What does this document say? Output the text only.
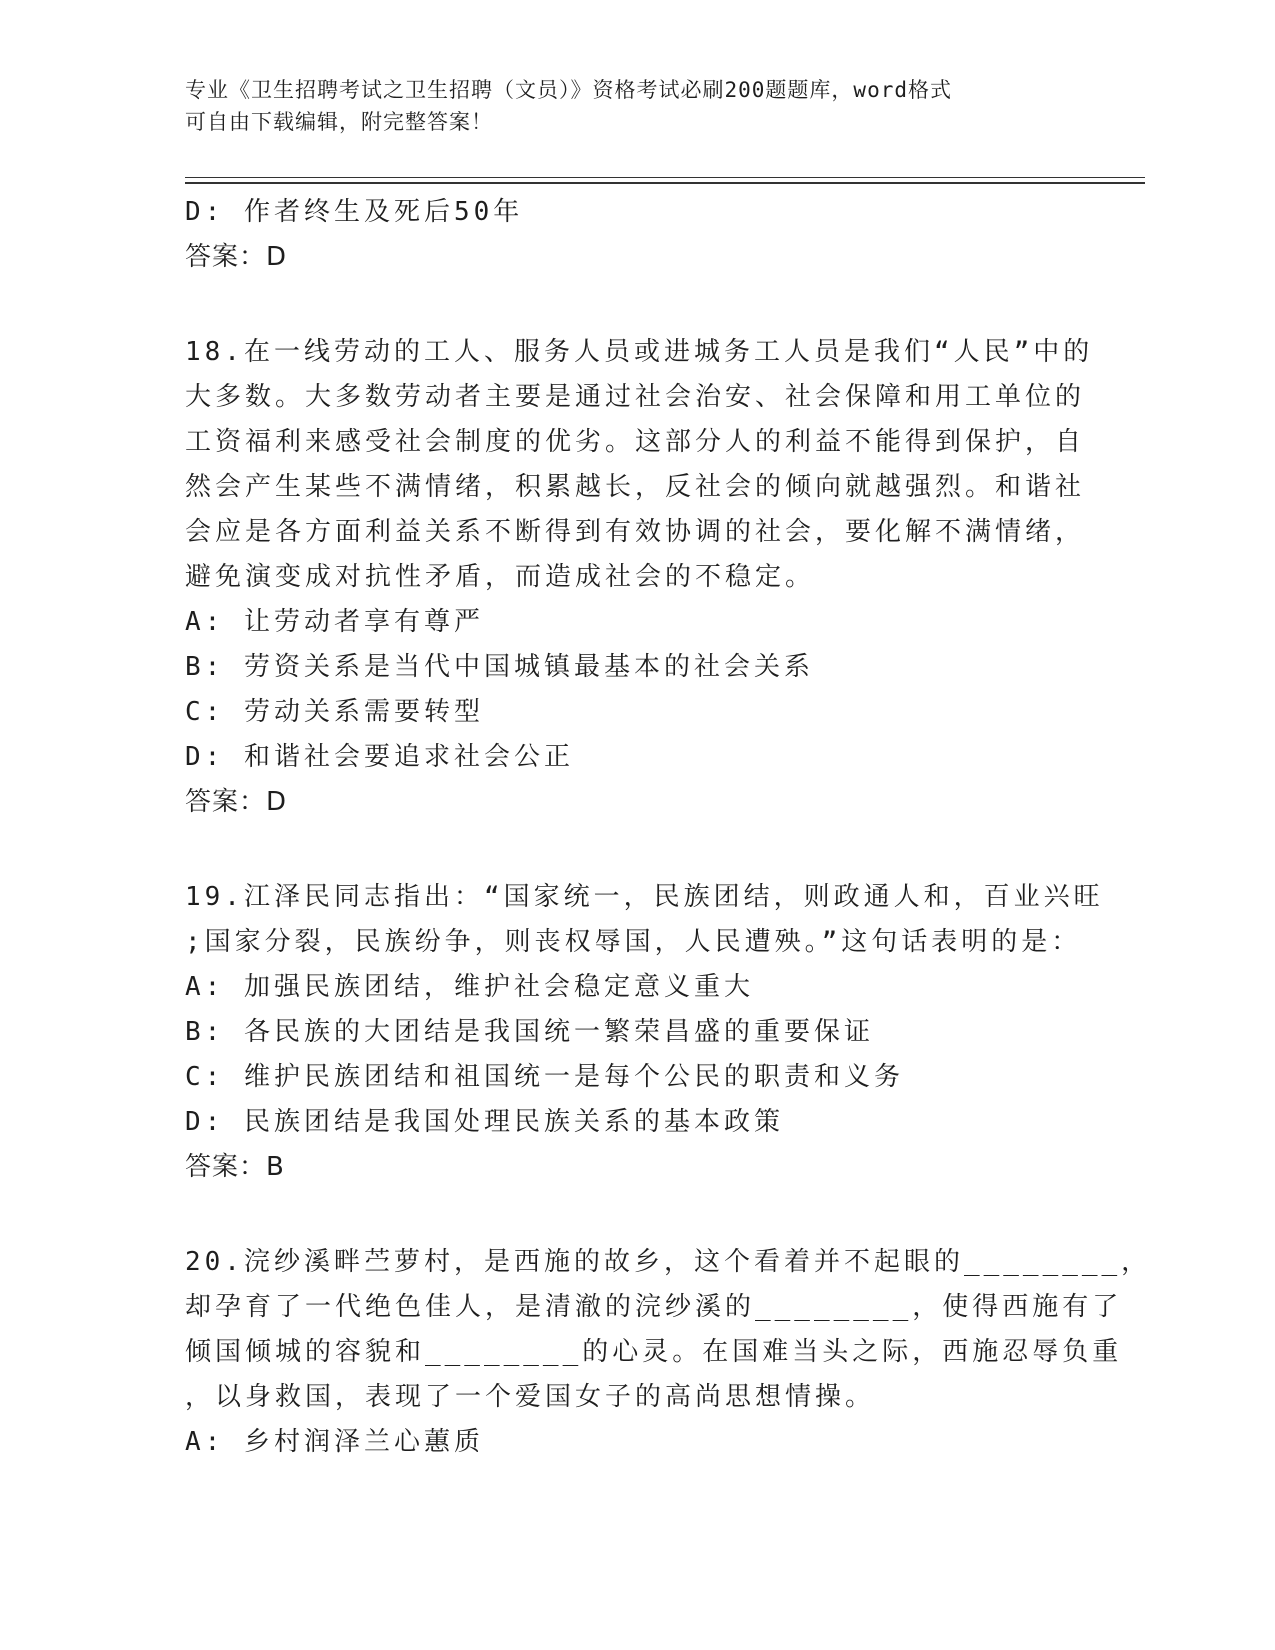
专业《卫生招聘考试之卫生招聘（文员）》资格考试必刷200题题库，word格式
可自由下载编辑，附完整答案！
D: 作者终生及死后50年
答案：D
18.在一线劳动的工人、服务人员或进城务工人员是我们“人民”中的
大多数。大多数劳动者主要是通过社会治安、社会保障和用工单位的
工资福利来感受社会制度的优劣。这部分人的利益不能得到保护，自
然会产生某些不满情绪，积累越长，反社会的倾向就越强烈。和谐社
会应是各方面利益关系不断得到有效协调的社会，要化解不满情绪，
避免演变成对抗性矛盾，而造成社会的不稳定。
A: 让劳动者享有尊严
B: 劳资关系是当代中国城镇最基本的社会关系
C: 劳动关系需要转型
D: 和谐社会要追求社会公正
答案：D
19.江泽民同志指出：“国家统一，民族团结，则政通人和，百业兴旺
;国家分裂，民族纷争，则丧权辱国，人民遭殃。”这句话表明的是：
A: 加强民族团结，维护社会稳定意义重大
B: 各民族的大团结是我国统一繁荣昌盛的重要保证
C: 维护民族团结和祖国统一是每个公民的职责和义务
D: 民族团结是我国处理民族关系的基本政策
答案：B
20.浣纱溪畔苎萝村，是西施的故乡，这个看着并不起眼的________，
却孕育了一代绝色佳人，是清澈的浣纱溪的________，使得西施有了
倾国倾城的容貌和________的心灵。在国难当头之际，西施忍辱负重
，以身救国，表现了一个爱国女子的高尚思想情操。
A: 乡村润泽兰心蕙质
